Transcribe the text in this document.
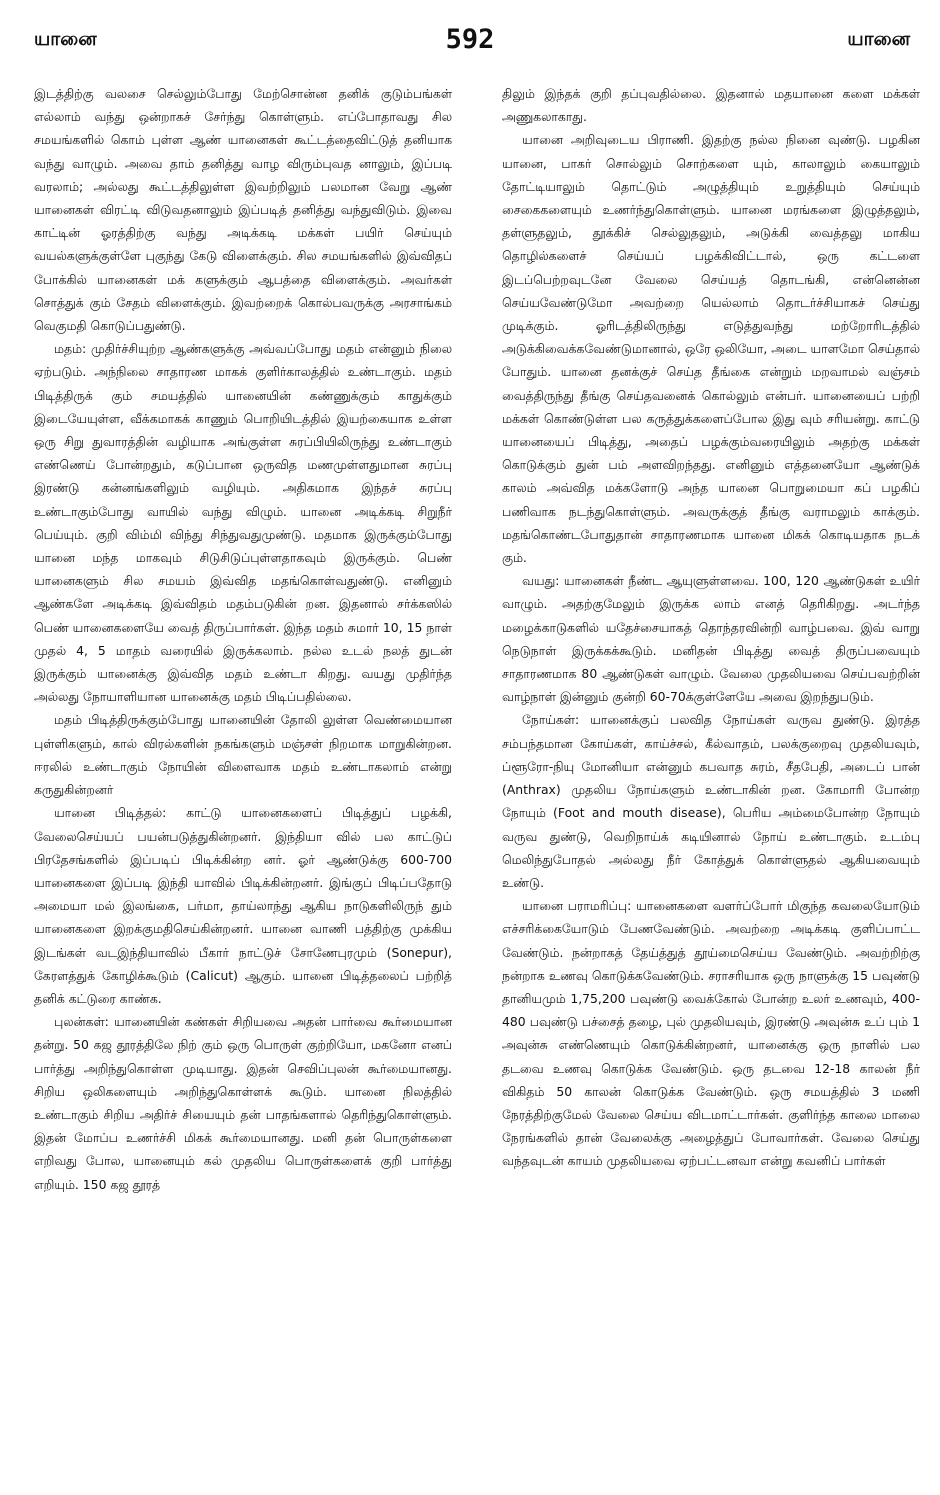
யானை	592	யானை

இடத்திற்கு வலசை செல்லும்போது மேற்சொன்ன தனிக் குடும்பங்கள் எல்லாம் வந்து ஒன்றாகச் சேர்ந்து கொள்ளும். எப்போதாவது சில சமயங்களில் கொம் புள்ள ஆண் யானைகள் கூட்டத்தைவிட்டுத் தனியாக வந்து வாழும். அவை தாம் தனித்து வாழ விரும்புவத னாலும், இப்படி வரலாம்; அல்லது கூட்டத்திலுள்ள இவற்றிலும் பலமான வேறு ஆண் யானைகள் விரட்டி விடுவதனாலும் இப்படித் தனித்து வந்துவிடும். இவை காட்டின் ஓரத்திற்கு வந்து அடிக்கடி மக்கள் பயிர் செய்யும் வயல்களுக்குள்ளே புகுந்து கேடு விளைக்கும். சில சமயங்களில் இவ்விதப் போக்கில் யானைகள் மக் களுக்கும் ஆபத்தை விளைக்கும். அவர்கள் சொத்துக் கும் சேதம் விளைக்கும். இவற்றைக் கொல்பவருக்கு அரசாங்கம் வெகுமதி கொடுப்பதுண்டு.

மதம்: முதிர்ச்சியுற்ற ஆண்களுக்கு அவ்வப்போது மதம் என்னும் நிலை ஏற்படும். அந்நிலை சாதாரண மாகக் குளிர்காலத்தில் உண்டாகும். மதம் பிடித்திருக் கும் சமயத்தில் யானையின் கண்ணுக்கும் காதுக்கும் இடையேயுள்ள, வீக்கமாகக் காணும் பொறியிடத்தில் இயற்கையாக உள்ள ஒரு சிறு துவாரத்தின் வழியாக அங்குள்ள சுரப்பியிலிருந்து உண்டாகும் எண்ணெய் போன்றதும், கடுப்பான ஒருவித மணமுள்ளதுமான சுரப்பு இரண்டு கன்னங்களிலும் வழியும். அதிகமாக இந்தச் சுரப்பு உண்டாகும்போது வாயில் வந்து விழும். யானை அடிக்கடி சிறுநீர் பெய்யும். குறி விம்மி விந்து சிந்துவதுமுண்டு. மதமாக இருக்கும்போது யானை மந்த மாகவும் சிடுசிடுப்புள்ளதாகவும் இருக்கும். பெண் யானைகளும் சில சமயம் இவ்வித மதங்கொள்வதுண்டு. எனினும் ஆண்களே அடிக்கடி இவ்விதம் மதம்படுகின் றன. இதனால் சர்க்கஸில் பெண் யானைகளையே வைத் திருப்பார்கள். இந்த மதம் சுமார் 10, 15 நாள் முதல் 4, 5 மாதம் வரையில் இருக்கலாம். நல்ல உடல் நலத் துடன் இருக்கும் யானைக்கு இவ்வித மதம் உண்டா கிறது. வயது முதிர்ந்த அல்லது நோயாளியான யானைக்கு மதம் பிடிப்பதில்லை.

மதம் பிடித்திருக்கும்போது யானையின் தோலி லுள்ள வெண்மையான புள்ளிகளும், கால் விரல்களின் நகங்களும் மஞ்சள் நிறமாக மாறுகின்றன. ஈரலில் உண்டாகும் நோயின் விளைவாக மதம் உண்டாகலாம் என்று கருதுகின்றனர்

யானை பிடித்தல்: காட்டு யானைகளைப் பிடித்துப் பழக்கி, வேலைசெய்யப் பயன்படுத்துகின்றனர். இந்தியா வில் பல காட்டுப் பிரதேசங்களில் இப்படிப் பிடிக்கின்ற னர். ஓர் ஆண்டுக்கு 600-700 யானைகளை இப்படி இந்தி யாவில் பிடிக்கின்றனர். இங்குப் பிடிப்பதோடு அமையா மல் இலங்கை, பர்மா, தாய்லாந்து ஆகிய நாடுகளிலிருந் தும் யானைகளை இறக்குமதிசெய்கின்றனர். யானை வாணி பத்திற்கு முக்கிய இடங்கள் வடஇந்தியாவில் பீகார் நாட்டுச் சோணேபுரமும் (Sonepur), கேரளத்துக் கோழிக்கூடும் (Calicut) ஆகும். யானை பிடித்தலைப் பற்றித் தனிக் கட்டுரை காண்க.

புலன்கள்: யானையின் கண்கள் சிறியவை அதன் பார்வை கூர்மையான தன்று. 50 கஜ தூரத்திலே நிற் கும் ஒரு பொருள் குற்றியோ, மகனோ எனப் பார்த்து அறிந்துகொள்ள முடியாது. இதன் செவிப்புலன் கூர்மையானது. சிறிய ஒலிகளையும் அறிந்துகொள்ளக் கூடும். யானை நிலத்தில் உண்டாகும் சிறிய அதிர்ச் சியையும் தன் பாதங்களால் தெரிந்துகொள்ளும். இதன் மோப்ப உணர்ச்சி மிகக் கூர்மையானது. மனி தன் பொருள்களை எறிவது போல, யானையும் கல் முதலிய பொருள்களைக் குறி பார்த்து எறியும். 150 கஜ தூரத்

திலும் இந்தக் குறி தப்புவதில்லை. இதனால் மதயானை களை மக்கள் அணுகலாகாது.

யானை அறிவுடைய பிராணி. இதற்கு நல்ல நினை வுண்டு. பழகின யானை, பாகர் சொல்லும் சொற்களை யும், காலாலும் கையாலும் தோட்டியாலும் தொட்டும் அழுத்தியும் உறுத்தியும் செய்யும் சைகைகளையும் உணர்ந்துகொள்ளும். யானை மரங்களை இழுத்தலும், தள்ளுதலும், தூக்கிச் செல்லுதலும், அடுக்கி வைத்தலு மாகிய தொழில்களைச் செய்யப் பழக்கிவிட்டால், ஒரு கட்டளை இடப்பெற்றவுடனே வேலை செய்யத் தொடங்கி, என்னென்ன செய்யவேண்டுமோ அவற்றை யெல்லாம் தொடர்ச்சியாகச் செய்து முடிக்கும். ஓரிடத்திலிருந்து எடுத்துவந்து மற்றோரிடத்தில் அடுக்கிவைக்கவேண்டுமானால், ஒரே ஒலியோ, அடை யாளமோ செய்தால் போதும். யானை தனக்குச் செய்த தீங்கை என்றும் மறவாமல் வஞ்சம் வைத்திருந்து தீங்கு செய்தவனைக் கொல்லும் என்பர். யானையைப் பற்றி மக்கள் கொண்டுள்ள பல கருத்துக்களைப்போல இது வும் சரியன்று. காட்டு யானையைப் பிடித்து, அதைப் பழக்கும்வரையிலும் அதற்கு மக்கள் கொடுக்கும் துன் பம் அளவிறந்தது. எனினும் எத்தனையோ ஆண்டுக் காலம் அவ்வித மக்களோடு அந்த யானை பொறுமையா கப் பழகிப் பணிவாக நடந்துகொள்ளும். அவருக்குத் தீங்கு வராமலும் காக்கும். மதங்கொண்டபோதுதான் சாதாரணமாக யானை மிகக் கொடியதாக நடக் கும்.

வயது: யானைகள் நீண்ட ஆயுளுள்ளவை. 100, 120 ஆண்டுகள் உயிர் வாழும். அதற்குமேலும் இருக்க லாம் எனத் தெரிகிறது. அடர்ந்த மழைக்காடுகளில் யதேச்சையாகத் தொந்தரவின்றி வாழ்பவை. இவ் வாறு நெடுநாள் இருக்கக்கூடும். மனிதன் பிடித்து வைத் திருப்பவையும் சாதாரணமாக 80 ஆண்டுகள் வாழும். வேலை முதலியவை செய்பவற்றின் வாழ்நாள் இன்னும் குன்றி 60-70க்குள்ளேயே அவை இறந்துபடும்.

நோய்கள்: யானைக்குப் பலவித நோய்கள் வருவ துண்டு. இரத்த சம்பந்தமான கோய்கள், காய்ச்சல், கீல்வாதம், பலக்குறைவு முதலியவும், ப்ளூரோ-நியு மோனியா என்னும் கபவாத சுரம், சீதபேதி, அடைப் பான் (Anthrax) முதலிய நோய்களும் உண்டாகின் றன. கோமாரி போன்ற நோயும் (Foot and mouth disease), பெரிய அம்மைபோன்ற நோயும் வருவ துண்டு, வெறிநாய்க் கடியினால் நோய் உண்டாகும். உடம்பு மெலிந்துபோதல் அல்லது நீர் கோத்துக் கொள்ளுதல் ஆகியவையும் உண்டு.

யானை பராமரிப்பு: யானைகளை வளர்ப்போர் மிகுந்த கவலையோடும் எச்சரிக்கையோடும் பேணவேண்டும். அவற்றை அடிக்கடி குளிப்பாட்ட வேண்டும். நன்றாகத் தேய்த்துத் தூய்மைசெய்ய வேண்டும். அவற்றிற்கு நன்றாக உணவு கொடுக்கவேண்டும். சராசரியாக ஒரு நாளுக்கு 15 பவுண்டு தானியமும் 1,75,200 பவுண்டு வைக்கோல் போன்ற உலர் உணவும், 400-480 பவுண்டு பச்சைத் தழை, புல் முதலியவும், இரண்டு அவுன்சு உப் பும் 1 அவுன்சு எண்ணெயும் கொடுக்கின்றனர், யானைக்கு ஒரு நாளில் பல தடவை உணவு கொடுக்க வேண்டும். ஒரு தடவை 12-18 காலன் நீர் விகிதம் 50 காலன் கொடுக்க வேண்டும். ஒரு சமயத்தில் 3 மணி நேரத்திற்குமேல் வேலை செய்ய விடமாட்டார்கள். குளிர்ந்த காலை மாலை நேரங்களில் தான் வேலைக்கு அழைத்துப் போவார்கள். வேலை செய்து வந்தவுடன் காயம் முதலியவை ஏற்பட்டனவா என்று கவனிப் பார்கள்
